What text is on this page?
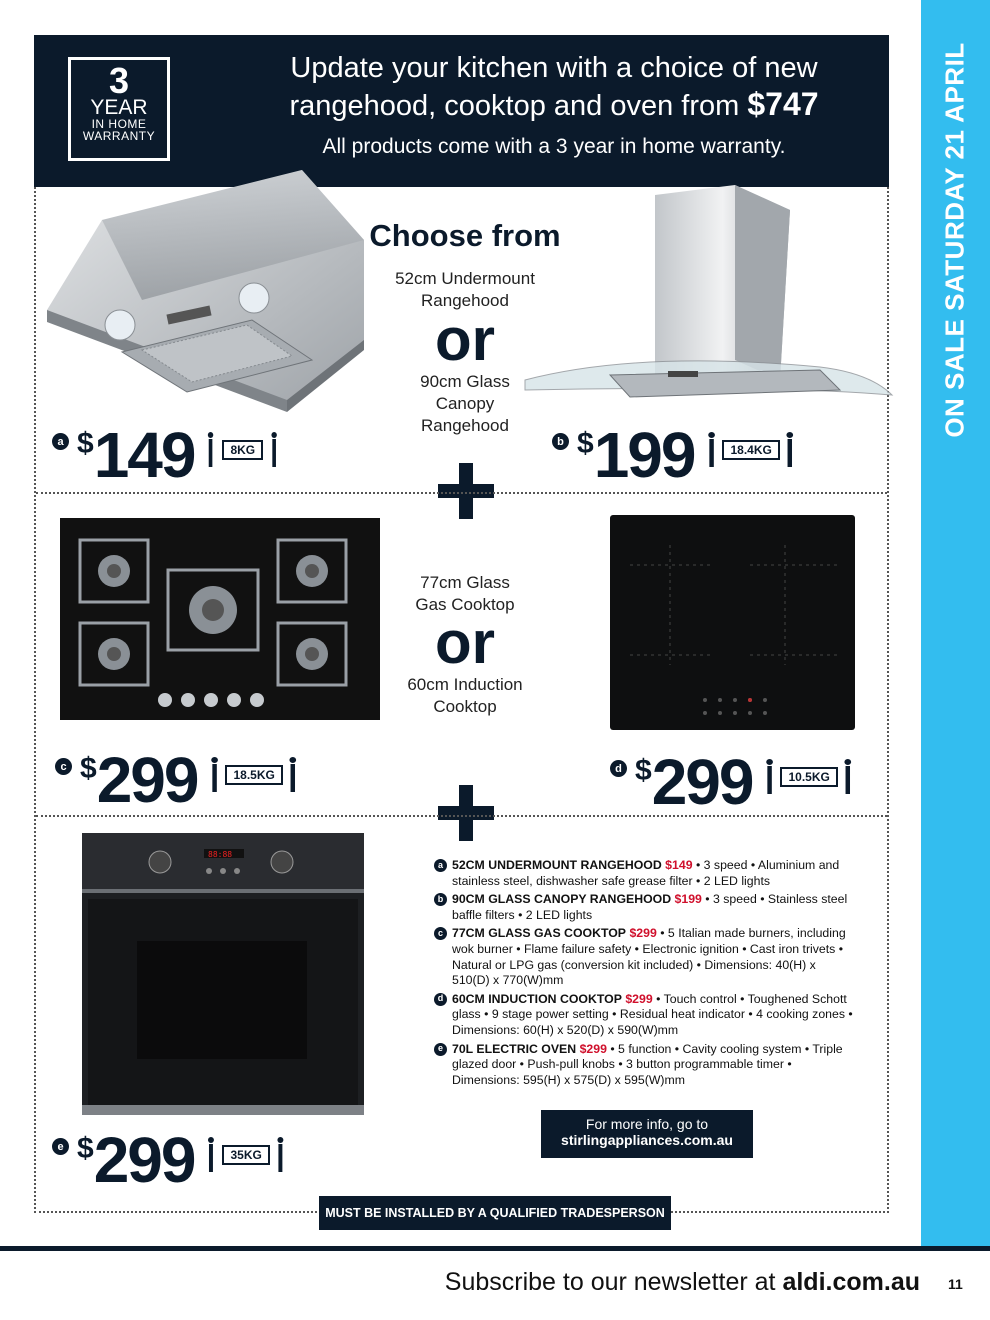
ON SALE SATURDAY 21 APRIL
3
YEAR
IN HOME
WARRANTY
Update your kitchen with a choice of new
rangehood, cooktop and oven from $747
All products come with a 3 year in home warranty.
88:88
Choose from
52cm Undermount
Rangehood
or
90cm Glass
Canopy
Rangehood
77cm Glass
Gas Cooktop
or
60cm Induction
Cooktop
a $ 149	8KG
b $ 199	18.4KG
c $ 299	18.5KG	d $ 299	10.5KG
e $ 299	35KG
a 52CM UNDERMOUNT RANGEHOOD $149 • 3 speed • Aluminium and stainless steel, dishwasher safe grease filter • 2 LED lights
b 90CM GLASS CANOPY RANGEHOOD $199 • 3 speed • Stainless steel baffle filters • 2 LED lights
c 77CM GLASS GAS COOKTOP $299 • 5 Italian made burners, including wok burner • Flame failure safety • Electronic ignition • Cast iron trivets • Natural or LPG gas (conversion kit included) • Dimensions: 40(H) x 510(D) x 770(W)mm
d 60CM INDUCTION COOKTOP $299 • Touch control • Toughened Schott glass • 9 stage power setting • Residual heat indicator • 4 cooking zones • Dimensions: 60(H) x 520(D) x 590(W)mm
e 70L ELECTRIC OVEN $299 • 5 function • Cavity cooling system • Triple glazed door • Push-pull knobs • 3 button programmable timer • Dimensions: 595(H) x 575(D) x 595(W)mm
For more info, go to
stirlingappliances.com.au
MUST BE INSTALLED BY A QUALIFIED TRADESPERSON
Subscribe to our newsletter at aldi.com.au 11
